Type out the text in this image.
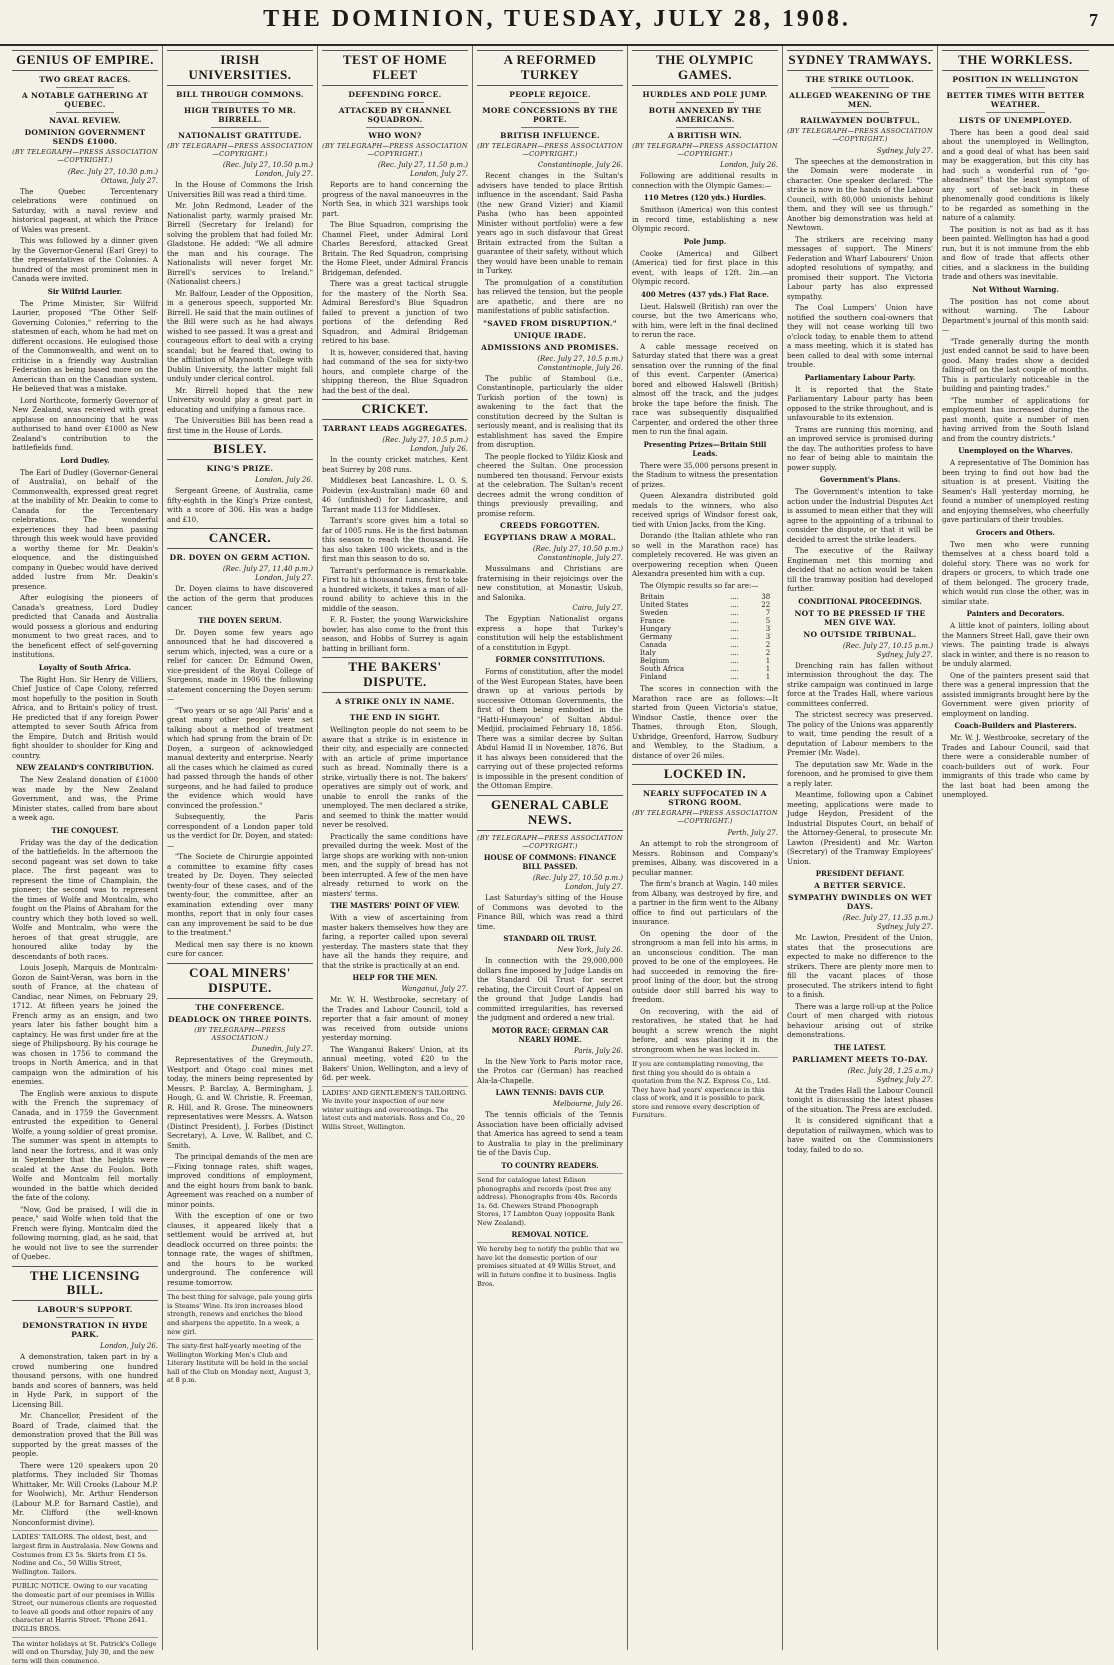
THE DOMINION, TUESDAY, JULY 28, 1908.	7
GENIUS OF EMPIRE.
TWO GREAT RACES.
A NOTABLE GATHERING AT QUEBEC.
NAVAL REVIEW.
DOMINION GOVERNMENT SENDS £1000.
(BY TELEGRAPH—PRESS ASSOCIATION—COPYRIGHT.)

(Rec. July 27, 10.30 p.m.)

Ottawa, July 27.

The Quebec Tercentenary celebrations were continued on Saturday, with a naval review and historical pageant, at which the Prince of Wales was present.

This was followed by a dinner given by the Governor-General (Earl Grey) to the representatives of the Colonies. A hundred of the most prominent men in Canada were invited.

Sir Wilfrid Laurier.

The Prime Minister, Sir Wilfrid Laurier, proposed "The Other Self-Governing Colonies," referring to the statesmen of each, whom he had met on different occasions. He eulogised those of the Commonwealth, and went on to criticise in a friendly way Australian Federation as being based more on the American than on the Canadian system. He believed that was a mistake.

Lord Northcote, formerly Governor of New Zealand, was received with great applause on announcing that he was authorised to hand over £1000 as New Zealand's contribution to the battlefields fund.

Lord Dudley.

The Earl of Dudley (Governor-General of Australia), on behalf of the Commonwealth, expressed great regret at the inability of Mr. Deakin to come to Canada for the Tercentenary celebrations. The wonderful experiences they had been passing through this week would have provided a worthy theme for Mr. Deakin's eloquence, and the distinguished company in Quebec would have derived added lustre from Mr. Deakin's presence.

After eulogising the pioneers of Canada's greatness, Lord Dudley predicted that Canada and Australia would possess a glorious and enduring monument to two great races, and to the beneficent effect of self-governing institutions.

Loyalty of South Africa.

The Right Hon. Sir Henry de Villiers, Chief Justice of Cape Colony, referred most hopefully to the position in South Africa, and to Britain's policy of trust. He predicted that if any foreign Power attempted to sever South Africa from the Empire, Dutch and British would fight shoulder to shoulder for King and country.

NEW ZEALAND'S CONTRIBUTION.

The New Zealand donation of £1000 was made by the New Zealand Government, and was, the Prime Minister states, called from bare about a week ago.

THE CONQUEST.

Friday was the day of the dedication of the battlefields. In the afternoon the second pageant was set down to take place. The first pageant was to represent the time of Champlain, the pioneer; the second was to represent the times of Wolfe and Montcalm, who fought on the Plains of Abraham for the country which they both loved so well. Wolfe and Montcalm, who were the heroes of that great struggle, are honoured alike today by the descendants of both races.

Louis Joseph, Marquis de Montcalm-Gozon de Saint-Veran, was born in the south of France, at the chateau of Candiac, near Nimes, on February 29, 1712. At fifteen years he joined the French army as an ensign, and two years later his father bought him a captaincy. He was first under fire at the siege of Philipsbourg. By his courage he was chosen in 1756 to command the troops in North America, and in that campaign won the admiration of his enemies.

The English were anxious to dispute with the French the supremacy of Canada, and in 1759 the Government entrusted the expedition to General Wolfe, a young soldier of great promise. The summer was spent in attempts to land near the fortress, and it was only in September that the heights were scaled at the Anse du Foulon. Both Wolfe and Montcalm fell mortally wounded in the battle which decided the fate of the colony.

"Now, God be praised, I will die in peace," said Wolfe when told that the French were flying. Montcalm died the following morning, glad, as he said, that he would not live to see the surrender of Quebec.

THE LICENSING BILL.
LABOUR'S SUPPORT.
DEMONSTRATION IN HYDE PARK.

London, July 26.

A demonstration, taken part in by a crowd numbering one hundred thousand persons, with one hundred bands and scores of banners, was held in Hyde Park, in support of the Licensing Bill.

Mr. Chancellor, President of the Board of Trade, claimed that the demonstration proved that the Bill was supported by the great masses of the people.

There were 120 speakers upon 20 platforms. They included Sir Thomas Whittaker, Mr. Will Crooks (Labour M.P. for Woolwich), Mr. Arthur Henderson (Labour M.P. for Barnard Castle), and Mr. Clifford (the well-known Nonconformist divine).

LADIES' TAILORS. The oldest, best, and largest firm in Australasia. New Gowns and Costumes from £3 5s. Skirts from £1 5s. Nodine and Co., 50 Willis Street, Wellington. Tailors.

PUBLIC NOTICE. Owing to our vacating the domestic part of our premises in Willis Street, our numerous clients are requested to leave all goods and other repairs of any character at Harris Street. 'Phone 2641. INGLIS BROS.

The winter holidays at St. Patrick's College will end on Thursday, July 30, and the new term will then commence.

IRISH UNIVERSITIES.
BILL THROUGH COMMONS.
HIGH TRIBUTES TO MR. BIRRELL.
NATIONALIST GRATITUDE.
(BY TELEGRAPH—PRESS ASSOCIATION—COPYRIGHT.)

(Rec. July 27, 10.50 p.m.)

London, July 27.

In the House of Commons the Irish Universities Bill was read a third time.

Mr. John Redmond, Leader of the Nationalist party, warmly praised Mr. Birrell (Secretary for Ireland) for solving the problem that had foiled Mr. Gladstone. He added: "We all admire the man and his courage. The Nationalists will never forget Mr. Birrell's services to Ireland." (Nationalist cheers.)

Mr. Balfour, Leader of the Opposition, in a generous speech, supported Mr. Birrell. He said that the main outlines of the Bill were such as he had always wished to see passed. It was a great and courageous effort to deal with a crying scandal; but he feared that, owing to the affiliation of Maynooth College with Dublin University, the latter might fall unduly under clerical control.

Mr. Birrell hoped that the new University would play a great part in educating and unifying a famous race.

The Universities Bill has been read a first time in the House of Lords.

BISLEY.
KING'S PRIZE.

London, July 26.

Sergeant Greene, of Australia, came fifty-eighth in the King's Prize contest, with a score of 306. His was a badge and £10.

CANCER.
DR. DOYEN ON GERM ACTION.

(Rec. July 27, 11.40 p.m.)

London, July 27.

Dr. Doyen claims to have discovered the action of the germ that produces cancer.

THE DOYEN SERUM.

Dr. Doyen some few years ago announced that he had discovered a serum which, injected, was a cure or a relief for cancer. Dr. Edmund Owen, vice-president of the Royal College of Surgeons, made in 1906 the following statement concerning the Doyen serum:—

"Two years or so ago 'All Paris' and a great many other people were set talking about a method of treatment which had sprung from the brain of Dr. Doyen, a surgeon of acknowledged manual dexterity and enterprise. Nearly all the cases which he claimed as cured had passed through the hands of other surgeons, and he had failed to produce the evidence which would have convinced the profession."

Subsequently, the Paris correspondent of a London paper told us the verdict for Dr. Doyen, and stated:—

"The Societe de Chirurgie appointed a committee to examine fifty cases treated by Dr. Doyen. They selected twenty-four of these cases, and of the twenty-four, the committee, after an examination extending over many months, report that in only four cases can any improvement be said to be due to the treatment."

Medical men say there is no known cure for cancer.

COAL MINERS' DISPUTE.
THE CONFERENCE.
DEADLOCK ON THREE POINTS.
(BY TELEGRAPH—PRESS ASSOCIATION.)

Dunedin, July 27.

Representatives of the Greymouth, Westport and Otago coal mines met today, the miners being represented by Messrs. P. Barclay, A. Bermingham, J. Hough, G. and W. Christie, R. Freeman, R. Hill, and R. Grose. The mineowners representatives were Messrs. A. Watson (Distinct President), J. Forbes (Distinct Secretary), A. Love, W. Ballbet, and C. Smith.

The principal demands of the men are—Fixing tonnage rates, shift wages, improved conditions of employment, and the eight hours from bank to bank. Agreement was reached on a number of minor points.

With the exception of one or two clauses, it appeared likely that a settlement would be arrived at, but deadlock occurred on three points: the tonnage rate, the wages of shiftmen, and the hours to be worked underground. The conference will resume tomorrow.

The best thing for salvage, pale young girls is Steams' Wine. Its iron increases blood strength, renews and enriches the blood and sharpens the appetite. In a week, a new girl.

The sixty-first half-yearly meeting of the Wellington Working Men's Club and Literary Institute will be held in the social hall of the Club on Monday next, August 3, at 8 p.m.

TEST OF HOME FLEET
DEFENDING FORCE.
ATTACKED BY CHANNEL SQUADRON.
WHO WON?
(BY TELEGRAPH—PRESS ASSOCIATION—COPYRIGHT.)

(Rec. July 27, 11.50 p.m.)

London, July 27.

Reports are to hand concerning the progress of the naval manoeuvres in the North Sea, in which 321 warships took part.

The Blue Squadron, comprising the Channel Fleet, under Admiral Lord Charles Beresford, attacked Great Britain. The Red Squadron, comprising the Home Fleet, under Admiral Francis Bridgeman, defended.

There was a great tactical struggle for the mastery of the North Sea. Admiral Beresford's Blue Squadron failed to prevent a junction of two portions of the defending Red Squadron, and Admiral Bridgeman retired to his base.

It is, however, considered that, having had command of the sea for sixty-two hours, and complete charge of the shipping thereon, the Blue Squadron had the best of the deal.

CRICKET.
TARRANT LEADS AGGREGATES.

(Rec. July 27, 10.5 p.m.)

London, July 26.

In the county cricket matches, Kent beat Surrey by 208 runs.

Middlesex beat Lancashire. L. O. S. Poidevin (ex-Australian) made 60 and 46 (unfinished) for Lancashire, and Tarrant made 113 for Middlesex.

Tarrant's score gives him a total so far of 1005 runs. He is the first batsman this season to reach the thousand. He has also taken 100 wickets, and is the first man this season to do so.

Tarrant's performance is remarkable. First to hit a thousand runs, first to take a hundred wickets, it takes a man of all-round ability to achieve this in the middle of the season.

F. R. Foster, the young Warwickshire bowler, has also come to the front this season, and Hobbs of Surrey is again batting in brilliant form.

THE BAKERS' DISPUTE.
A STRIKE ONLY IN NAME.
THE END IN SIGHT.

Wellington people do not seem to be aware that a strike is in existence in their city, and especially are connected with an article of prime importance such as bread. Nominally there is a strike, virtually there is not. The bakers' operatives are simply out of work, and unable to enroll the ranks of the unemployed. The men declared a strike, and seemed to think the matter would never be resolved.

Practically the same conditions have prevailed during the week. Most of the large shops are working with non-union men, and the supply of bread has not been interrupted. A few of the men have already returned to work on the masters' terms.

THE MASTERS' POINT OF VIEW.

With a view of ascertaining from master bakers themselves how they are faring, a reporter called upon several yesterday. The masters state that they have all the hands they require, and that the strike is practically at an end.

HELP FOR THE MEN.

Wanganui, July 27.

Mr. W. H. Westbrooke, secretary of the Trades and Labour Council, told a reporter that a fair amount of money was received from outside unions yesterday morning.

The Wanganui Bakers' Union, at its annual meeting, voted £20 to the Bakers' Union, Wellington, and a levy of 6d. per week.

LADIES' AND GENTLEMEN'S TAILORING. We invite your inspection of our new winter suitings and overcoatings. The latest cuts and materials. Ross and Co., 20 Willis Street, Wellington.

A REFORMED TURKEY
PEOPLE REJOICE.
MORE CONCESSIONS BY THE PORTE.
BRITISH INFLUENCE.
(BY TELEGRAPH—PRESS ASSOCIATION—COPYRIGHT.)

Constantinople, July 26.

Recent changes in the Sultan's advisers have tended to place British influence in the ascendant. Said Pasha (the new Grand Vizier) and Kiamil Pasha (who has been appointed Minister without portfolio) were a few years ago in such disfavour that Great Britain extracted from the Sultan a guarantee of their safety, without which they would have been unable to remain in Turkey.

The promulgation of a constitution has relieved the tension, but the people are apathetic, and there are no manifestations of public satisfaction.

"SAVED FROM DISRUPTION."
UNIQUE IRADE.
ADMISSIONS AND PROMISES.

(Rec. July 27, 10.5 p.m.)

Constantinople, July 26.

The public of Stamboul (i.e., Constantinople, particularly the older Turkish portion of the town) is awakening to the fact that the constitution decreed by the Sultan is seriously meant, and is realising that its establishment has saved the Empire from disruption.

The people flocked to Yildiz Kiosk and cheered the Sultan. One procession numbered ten thousand. Fervour exists at the celebration. The Sultan's recent decrees admit the wrong condition of things previously prevailing, and promise reform.

CREEDS FORGOTTEN.
EGYPTIANS DRAW A MORAL.

(Rec. July 27, 10.50 p.m.)

Constantinople, July 27.

Mussulmans and Christians are fraternising in their rejoicings over the new constitution, at Monastir, Uskub, and Salonika.

Cairo, July 27.

The Egyptian Nationalist organs express a hope that Turkey's constitution will help the establishment of a constitution in Egypt.

FORMER CONSTITUTIONS.

Forms of constitution, after the model of the West European States, have been drawn up at various periods by successive Ottoman Governments, the first of them being embodied in the "Hatti-Humayoun" of Sultan Abdul-Medjid, proclaimed February 18, 1856. There was a similar decree by Sultan Abdul Hamid II in November, 1876. But it has always been considered that the carrying out of these projected reforms is impossible in the present condition of the Ottoman Empire.

GENERAL CABLE NEWS.
(BY TELEGRAPH—PRESS ASSOCIATION—COPYRIGHT.)

HOUSE OF COMMONS: FINANCE BILL PASSED.

(Rec. July 27, 10.50 p.m.)

London, July 27.

Last Saturday's sitting of the House of Commons was devoted to the Finance Bill, which was read a third time.

STANDARD OIL TRUST.

New York, July 26.

In connection with the 29,000,000 dollars fine imposed by Judge Landis on the Standard Oil Trust for secret rebating, the Circuit Court of Appeal on the ground that Judge Landis had committed irregularities, has reversed the judgment and ordered a new trial.

MOTOR RACE: GERMAN CAR NEARLY HOME.

Paris, July 26.

In the New York to Paris motor race, the Protos car (German) has reached Ala-la-Chapelle.

LAWN TENNIS: DAVIS CUP.

Melbourne, July 26.

The tennis officials of the Tennis Association have been officially advised that America has agreed to send a team to Australia to play in the preliminary tie of the Davis Cup.

TO COUNTRY READERS.

Send for catalogue latest Edison phonographs and records (post free any address). Phonographs from 40s. Records 1s. 6d. Chewers Strand Phonograph Stores, 17 Lambton Quay (opposite Bank New Zealand).

REMOVAL NOTICE.

We hereby beg to notify the public that we have let the domestic portion of our premises situated at 49 Willis Street, and will in future confine it to business. Inglis Bros.

THE OLYMPIC GAMES.
HURDLES AND POLE JUMP.
BOTH ANNEXED BY THE AMERICANS.
A BRITISH WIN.
(BY TELEGRAPH—PRESS ASSOCIATION—COPYRIGHT.)

London, July 26.

Following are additional results in connection with the Olympic Games:—

110 Metres (120 yds.) Hurdles.

Smithson (America) won this contest in record time, establishing a new Olympic record.

Pole Jump.

Cooke (America) and Gilbert (America) tied for first place in this event, with leaps of 12ft. 2in.—an Olympic record.

400 Metres (437 yds.) Flat Race.

Lieut. Halswell (British) ran over the course, but the two Americans who, with him, were left in the final declined to rerun the race.

A cable message received on Saturday stated that there was a great sensation over the running of the final of this event. Carpenter (America) bored and elbowed Halswell (British) almost off the track, and the judges broke the tape before the finish. The race was subsequently disqualified Carpenter, and ordered the other three men to run the final again.

Presenting Prizes—Britain Still Leads.

There were 35,000 persons present in the Stadium to witness the presentation of prizes.

Queen Alexandra distributed gold medals to the winners, who also received sprigs of Windsor forest oak, tied with Union Jacks, from the King.

Dorando (the Italian athlete who ran so well in the Marathon race) has completely recovered. He was given an overpowering reception when Queen Alexandra presented him with a cup.

The Olympic results so far are:—

Britain	....	38
United States	....	22
Sweden	....	7
France	....	5
Hungary	....	3
Germany	....	3
Canada	....	2
Italy	....	2
Belgium	....	1
South Africa	....	1
Finland	....	1

The scores in connection with the Marathon race are as follows:—It started from Queen Victoria's statue, Windsor Castle, thence over the Thames, through Eton, Slough, Uxbridge, Greenford, Harrow, Sudbury and Wembley, to the Stadium, a distance of over 26 miles.

LOCKED IN.
NEARLY SUFFOCATED IN A STRONG ROOM.
(BY TELEGRAPH—PRESS ASSOCIATION—COPYRIGHT.)

Perth, July 27.

An attempt to rob the strongroom of Messrs. Robinson and Company's premises, Albany, was discovered in a peculiar manner.

The firm's branch at Wagin, 140 miles from Albany, was destroyed by fire, and a partner in the firm went to the Albany office to find out particulars of the insurance.

On opening the door of the strongroom a man fell into his arms, in an unconscious condition. The man proved to be one of the employees. He had succeeded in removing the fire-proof lining of the door, but the strong outside door still barred his way to freedom.

On recovering, with the aid of restoratives, he stated that he had bought a screw wrench the night before, and was placing it in the strongroom when he was locked in.

If you are contemplating removing, the first thing you should do is obtain a quotation from the N.Z. Express Co., Ltd. They have had years' experience in this class of work, and it is possible to pack, store and remove every description of Furniture.

SYDNEY TRAMWAYS.
THE STRIKE OUTLOOK.
ALLEGED WEAKENING OF THE MEN.
RAILWAYMEN DOUBTFUL.
(BY TELEGRAPH—PRESS ASSOCIATION—COPYRIGHT.)

Sydney, July 27.

The speeches at the demonstration in the Domain were moderate in character. One speaker declared: "The strike is now in the hands of the Labour Council, with 80,000 unionists behind them, and they will see us through." Another big demonstration was held at Newtown.

The strikers are receiving many messages of support. The Miners' Federation and Wharf Labourers' Union adopted resolutions of sympathy, and promised their support. The Victoria Labour party has also expressed sympathy.

The Coal Lumpers' Union have notified the southern coal-owners that they will not cease working till two o'clock today, to enable them to attend a mass meeting, which it is stated has been called to deal with some internal trouble.

Parliamentary Labour Party.

It is reported that the State Parliamentary Labour party has been opposed to the strike throughout, and is unfavourable to its extension.

Trams are running this morning, and an improved service is promised during the day. The authorities profess to have no fear of being able to maintain the power supply.

Government's Plans.

The Government's intention to take action under the Industrial Disputes Act is assumed to mean either that they will agree to the appointing of a tribunal to consider the dispute, or that it will be decided to arrest the strike leaders.

The executive of the Railway Engineman met this morning and decided that no action would be taken till the tramway position had developed further.

CONDITIONAL PROCEEDINGS.

NOT TO BE PRESSED IF THE MEN GIVE WAY.
NO OUTSIDE TRIBUNAL.

(Rec. July 27, 10.15 p.m.)

Sydney, July 27.

Drenching rain has fallen without intermission throughout the day. The strike campaign was continued in large force at the Trades Hall, where various committees conferred.

The strictest secrecy was preserved. The policy of the Unions was apparently to wait, time pending the result of a deputation of Labour members to the Premier (Mr. Wade).

The deputation saw Mr. Wade in the forenoon, and he promised to give them a reply later.

Meantime, following upon a Cabinet meeting, applications were made to Judge Heydon, President of the Industrial Disputes Court, on behalf of the Attorney-General, to prosecute Mr. Lawton (President) and Mr. Warton (Secretary) of the Tramway Employees' Union.

PRESIDENT DEFIANT.

A BETTER SERVICE.
SYMPATHY DWINDLES ON WET DAYS.

(Rec. July 27, 11.35 p.m.)

Sydney, July 27.

Mr. Lawton, President of the Union, states that the prosecutions are expected to make no difference to the strikers. There are plenty more men to fill the vacant places of those prosecuted. The strikers intend to fight to a finish.

There was a large roll-up at the Police Court of men charged with riotous behaviour arising out of strike demonstrations.

THE LATEST.

PARLIAMENT MEETS TO-DAY.

(Rec. July 28, 1.25 a.m.)

Sydney, July 27.

At the Trades Hall the Labour Council tonight is discussing the latest phases of the situation. The Press are excluded.

It is considered significant that a deputation of railwaymen, which was to have waited on the Commissioners today, failed to do so.

THE WORKLESS.
POSITION IN WELLINGTON
BETTER TIMES WITH BETTER WEATHER.
LISTS OF UNEMPLOYED.

There has been a good deal said about the unemployed in Wellington, and a good deal of what has been said may be exaggeration, but this city has had such a wonderful run of "go-aheadness" that the least symptom of any sort of set-back in these phenomenally good conditions is likely to be regarded as something in the nature of a calamity.

The position is not as bad as it has been painted. Wellington has had a good run, but it is not immune from the ebb and flow of trade that affects other cities, and a slackness in the building trade and others was inevitable.

Not Without Warning.

The position has not come about without warning. The Labour Department's journal of this month said:—

"Trade generally during the month just ended cannot be said to have been good. Many trades show a decided falling-off on the last couple of months. This is particularly noticeable in the building and painting trades."

"The number of applications for employment has increased during the past month, quite a number of men having arrived from the South Island and from the country districts."

Unemployed on the Wharves.

A representative of The Dominion has been trying to find out how bad the situation is at present. Visiting the Seamen's Hall yesterday morning, he found a number of unemployed resting and enjoying themselves, who cheerfully gave particulars of their troubles.

Grocers and Others.

Two men who were running themselves at a chess board told a doleful story. There was no work for drapers or grocers, to which trade one of them belonged. The grocery trade, which would run close the other, was in similar state.

Painters and Decorators.

A little knot of painters, lolling about the Manners Street Hall, gave their own views. The painting trade is always slack in winter, and there is no reason to be unduly alarmed.

One of the painters present said that there was a general impression that the assisted immigrants brought here by the Government were given priority of employment on landing.

Coach-Builders and Plasterers.

Mr. W. J. Westbrooke, secretary of the Trades and Labour Council, said that there were a considerable number of coach-builders out of work. Four immigrants of this trade who came by the last boat had been among the unemployed.
